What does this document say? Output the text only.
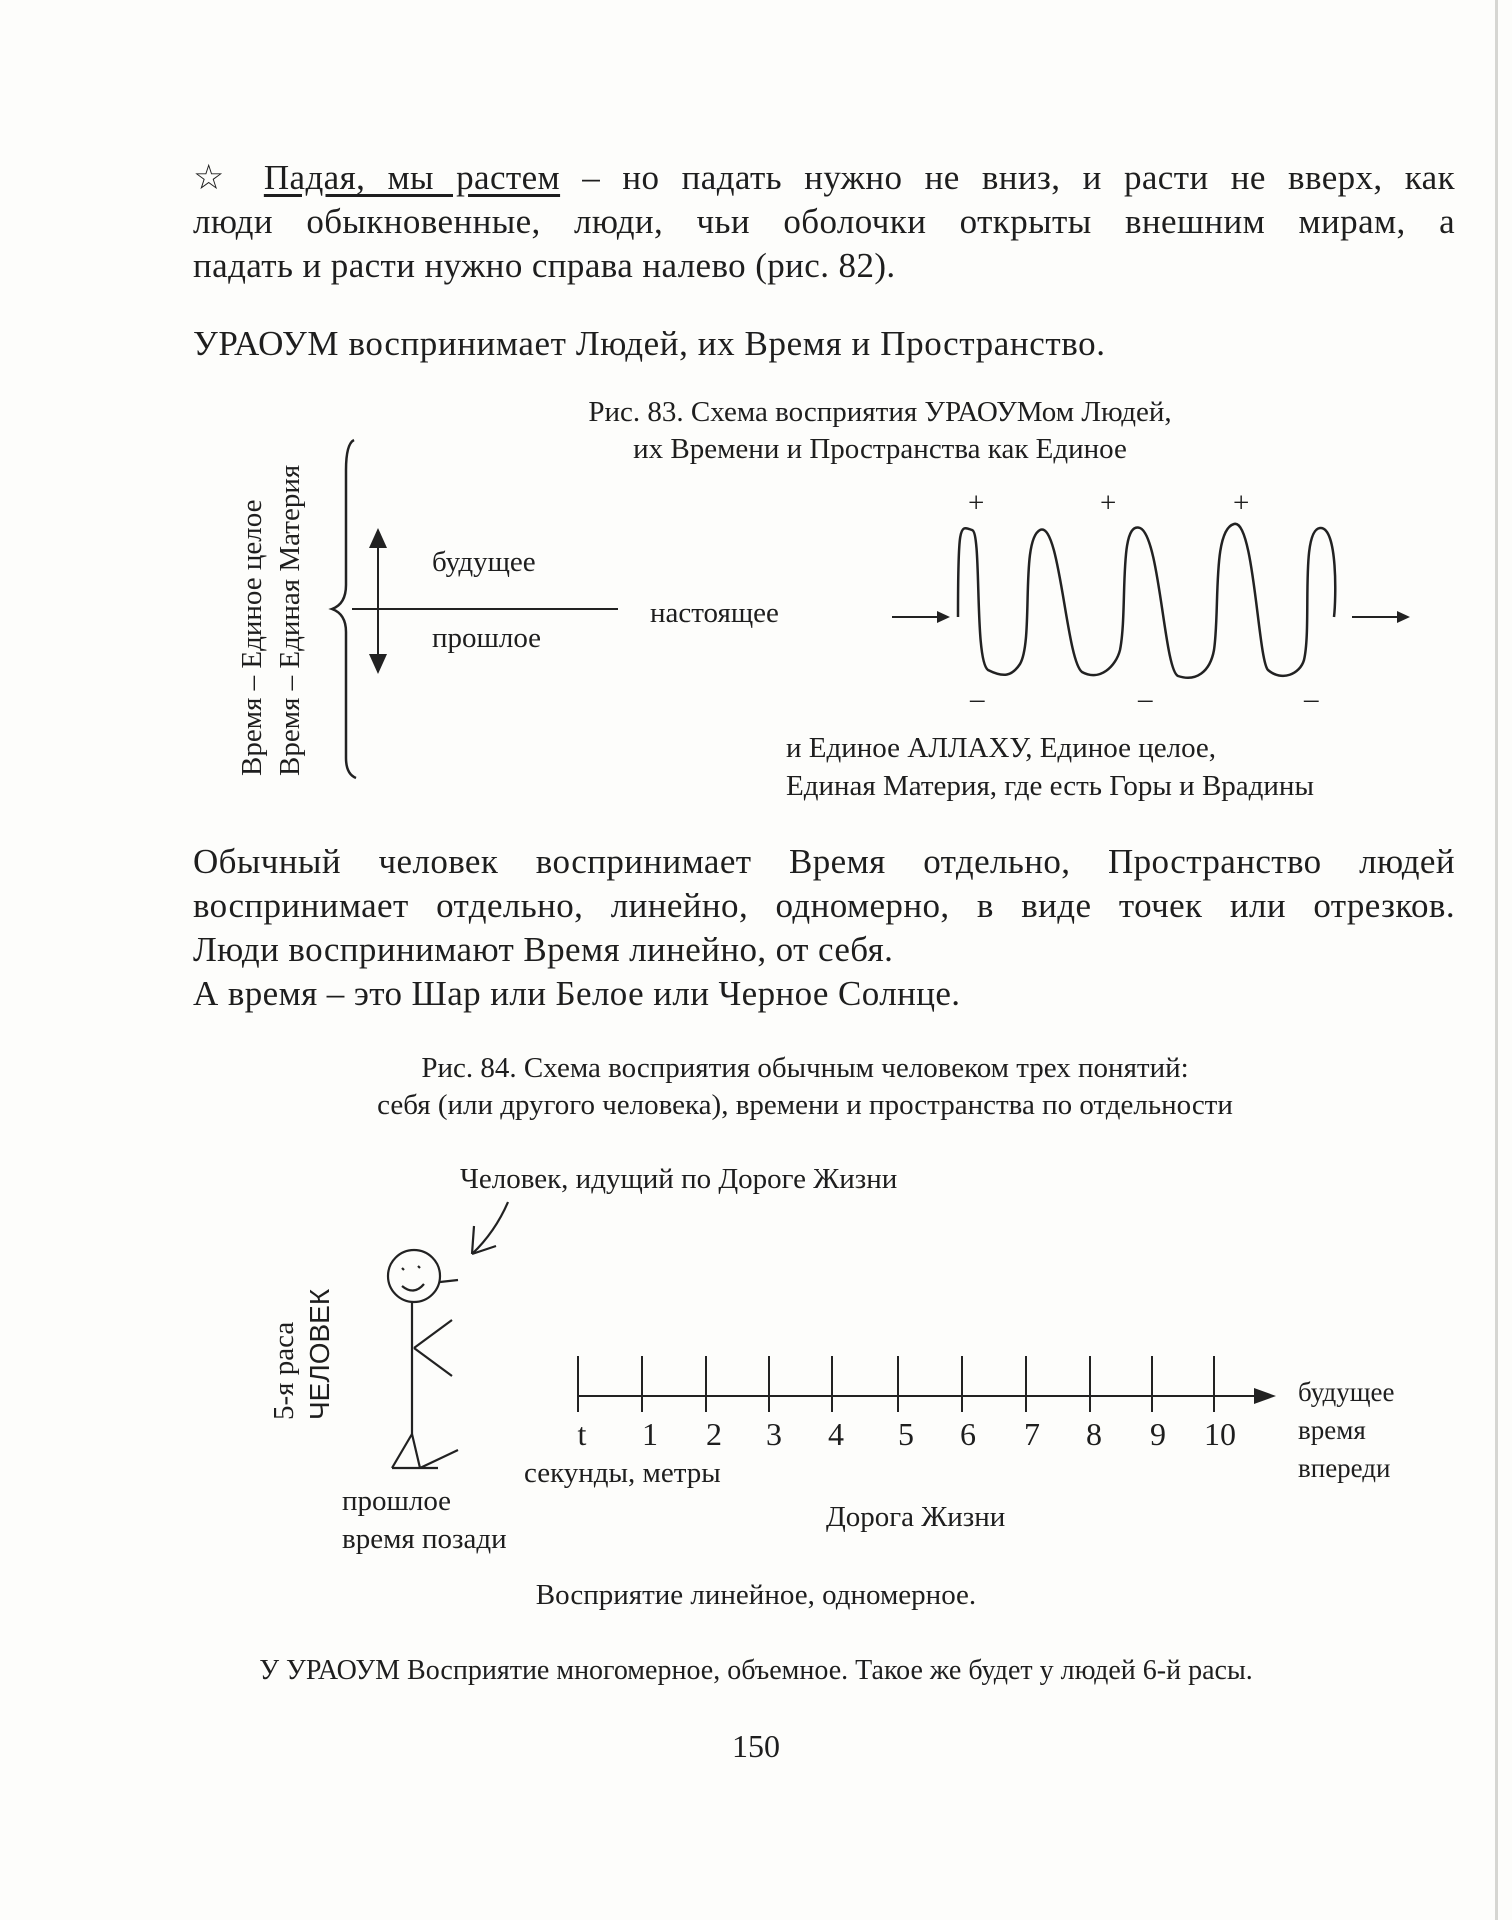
☆ Падая, мы растем – но падать нужно не вниз, и расти не вверх, как
люди обыкновенные, люди, чьи оболочки открыты внешним мирам, а
падать и расти нужно справа налево (рис. 82).
УРАОУМ воспринимает Людей, их Время и Пространство.
Рис. 83. Схема восприятия УРАОУМом Людей,
их Времени и Пространства как Единое
Время – Единое целое Время – Единая Материя	будущее
прошлое
настоящее
+	+	+
–	–	–
и Единое АЛЛАХУ, Единое целое,
Единая Материя, где есть Горы и Врадины
Обычный человек воспринимает Время отдельно, Пространство людей
воспринимает отдельно, линейно, одномерно, в виде точек или отрезков.
Люди воспринимают Время линейно, от себя.
А время – это Шар или Белое или Черное Солнце.
Рис. 84. Схема восприятия обычным человеком трех понятий:
себя (или другого человека), времени и пространства по отдельности
Человек, идущий по Дороге Жизни
5-я раса ЧЕЛОВЕК
t 1 2 3 4 5 6 7 8 9 10
секунды, метры
будущее
время
впереди
прошлое
время позади
Дорога Жизни
Восприятие линейное, одномерное.
У УРАОУМ Восприятие многомерное, объемное. Такое же будет у людей 6-й расы.
150
